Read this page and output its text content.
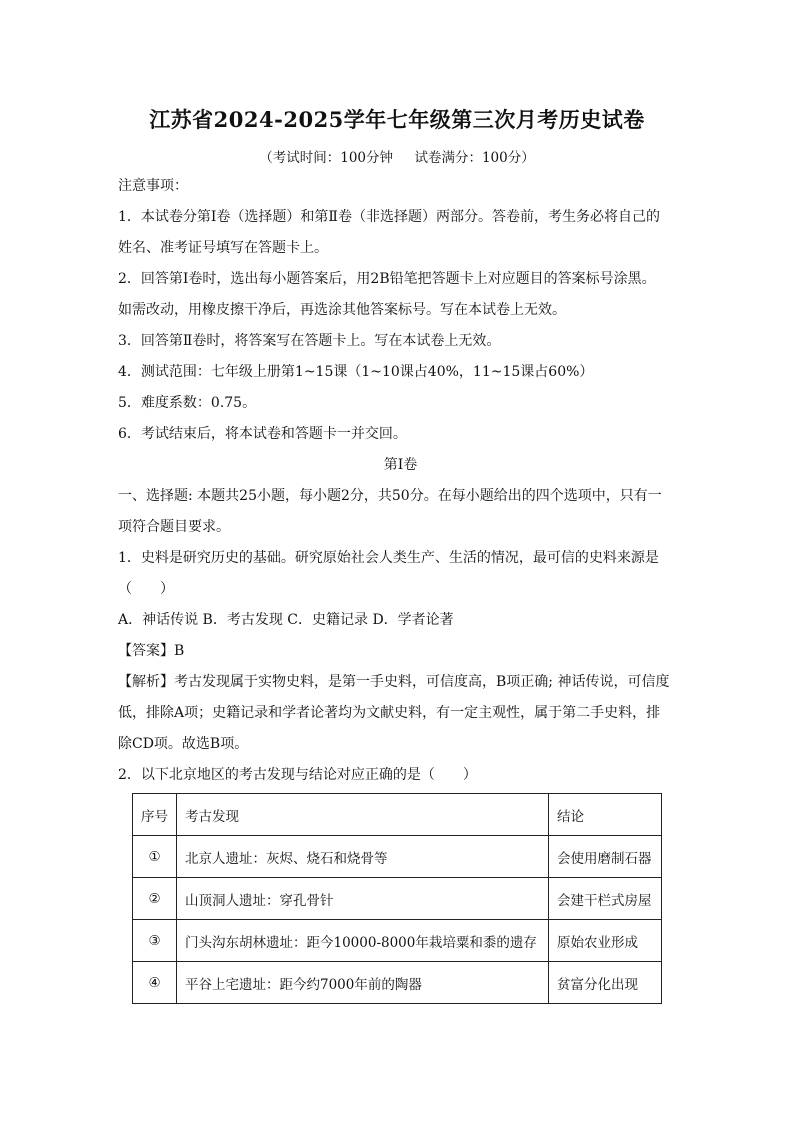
江苏省2024-2025学年七年级第三次月考历史试卷
（考试时间：100分钟     试卷满分：100分）
注意事项：
1．本试卷分第Ⅰ卷（选择题）和第Ⅱ卷（非选择题）两部分。答卷前，考生务必将自己的
姓名、准考证号填写在答题卡上。
2．回答第Ⅰ卷时，选出每小题答案后，用2B铅笔把答题卡上对应题目的答案标号涂黑。
如需改动，用橡皮擦干净后，再选涂其他答案标号。写在本试卷上无效。
3．回答第Ⅱ卷时，将答案写在答题卡上。写在本试卷上无效。
4．测试范围：七年级上册第1~15课（1~10课占40%，11~15课占60%）
5．难度系数：0.75。
6．考试结束后，将本试卷和答题卡一并交回。
第Ⅰ卷
一、选择题: 本题共25小题，每小题2分，共50分。在每小题给出的四个选项中，只有一
项符合题目要求。
1．史料是研究历史的基础。研究原始社会人类生产、生活的情况，最可信的史料来源是
（　　）
A．神话传说 B．考古发现 C．史籍记录 D．学者论著
【答案】B
【解析】考古发现属于实物史料，是第一手史料，可信度高，B项正确; 神话传说，可信度
低，排除A项；史籍记录和学者论著均为文献史料，有一定主观性，属于第二手史料，排
除CD项。故选B项。
2．以下北京地区的考古发现与结论对应正确的是（　　）
序号	考古发现	结论
①	北京人遗址：灰烬、烧石和烧骨等	会使用磨制石器
②	山顶洞人遗址：穿孔骨针	会建干栏式房屋
③	门头沟东胡林遗址：距今10000-8000年栽培粟和黍的遗存	原始农业形成
④	平谷上宅遗址：距今约7000年前的陶器	贫富分化出现
